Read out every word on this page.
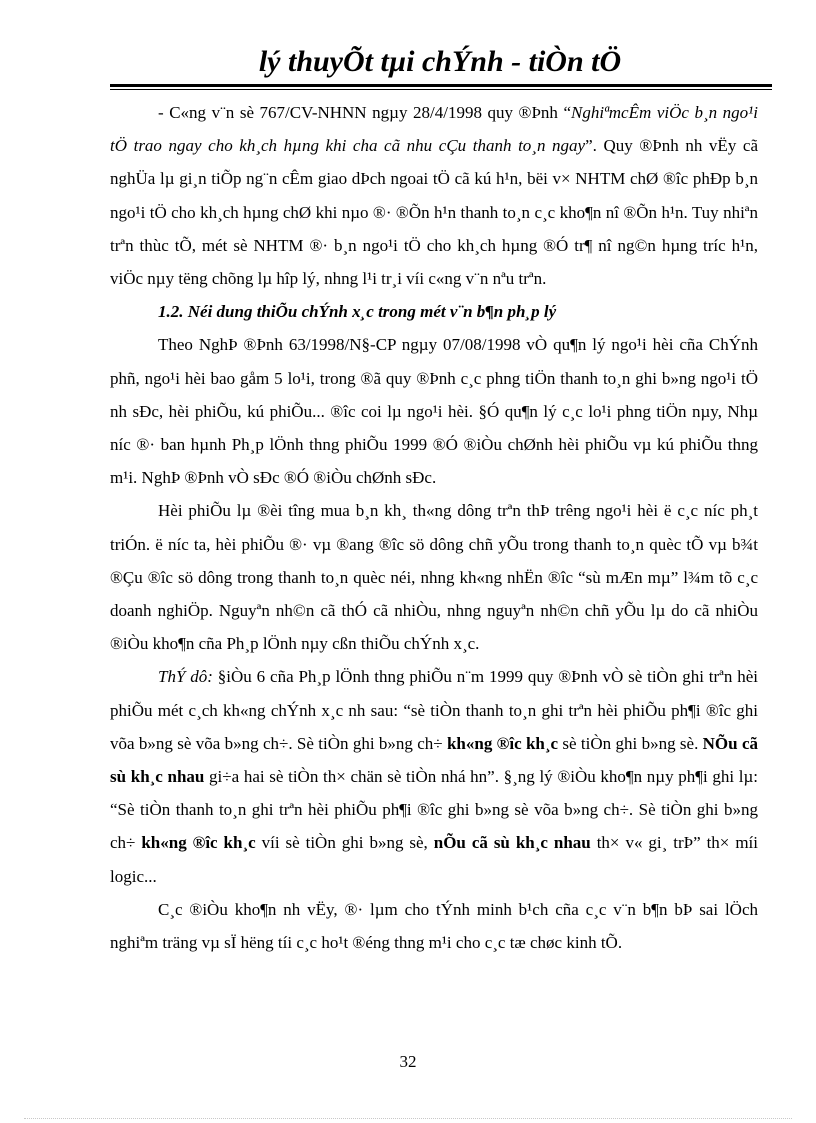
lý thuyÕt tµi chÝnh - tiÒn tÖ

- C«ng v¨n sè 767/CV-NHNN ngµy 28/4/1998 quy ®Þnh “NghiªmcÊm viÖc b¸n ngo¹i tÖ trao ngay cho kh¸ch hµng khi cha cã nhu cÇu thanh to¸n ngay”. Quy ®Þnh nh vËy cã nghÜa lµ gi¸n tiÕp ng¨n cÊm giao dÞch ngoai tÖ cã kú h¹n, bëi v× NHTM chØ ®îc phÐp b¸n ngo¹i tÖ cho kh¸ch hµng chØ khi nµo ®· ®Õn h¹n thanh to¸n c¸c kho¶n nî ®Õn h¹n. Tuy nhiªn trªn thùc tÕ, mét sè NHTM ®· b¸n ngo¹i tÖ cho kh¸ch hµng ®Ó tr¶ nî ng©n hµng tríc h¹n, viÖc nµy tëng chõng lµ hîp lý, nhng l¹i tr¸i víi c«ng v¨n nªu trªn.

1.2. Néi dung thiÕu chÝnh x¸c trong mét v¨n b¶n ph¸p lý

Theo NghÞ ®Þnh 63/1998/N§-CP ngµy 07/08/1998 vÒ qu¶n lý ngo¹i hèi cña ChÝnh phñ, ngo¹i hèi bao gåm 5 lo¹i, trong ®ã quy ®Þnh c¸c phng tiÖn thanh to¸n ghi b»ng ngo¹i tÖ nh sÐc, hèi phiÕu, kú phiÕu... ®îc coi lµ ngo¹i hèi. §Ó qu¶n lý c¸c lo¹i phng tiÖn nµy, Nhµ níc ®· ban hµnh Ph¸p lÖnh thng phiÕu 1999 ®Ó ®iÒu chØnh hèi phiÕu vµ kú phiÕu thng m¹i. NghÞ ®Þnh vÒ sÐc ®Ó ®iÒu chØnh sÐc.

Hèi phiÕu lµ ®èi tîng mua b¸n kh¸ th«ng dông trªn thÞ trêng ngo¹i hèi ë c¸c níc ph¸t triÓn. ë níc ta, hèi phiÕu ®· vµ ®ang ®îc sö dông chñ yÕu trong thanh to¸n quèc tÕ vµ b¾t ®Çu ®îc sö dông trong thanh to¸n quèc néi, nhng kh«ng nhËn ®îc “sù mÆn mµ” l¾m tõ c¸c doanh nghiÖp. Nguyªn nh©n cã thÓ cã nhiÒu, nhng nguyªn nh©n chñ yÕu lµ do cã nhiÒu ®iÒu kho¶n cña Ph¸p lÖnh nµy cßn thiÕu chÝnh x¸c.

ThÝ dô: §iÒu 6 cña Ph¸p lÖnh thng phiÕu n¨m 1999 quy ®Þnh vÒ sè tiÒn ghi trªn hèi phiÕu mét c¸ch kh«ng chÝnh x¸c nh sau: “sè tiÒn thanh to¸n ghi trªn hèi phiÕu ph¶i ®îc ghi võa b»ng sè võa b»ng ch÷. Sè tiÒn ghi b»ng ch÷ kh«ng ®îc kh¸c sè tiÒn ghi b»ng sè. NÕu cã sù kh¸c nhau gi÷a hai sè tiÒn th× chän sè tiÒn nhá hn”. §¸ng lý ®iÒu kho¶n nµy ph¶i ghi lµ: “Sè tiÒn thanh to¸n ghi trªn hèi phiÕu ph¶i ®îc ghi b»ng sè võa b»ng ch÷. Sè tiÒn ghi b»ng ch÷ kh«ng ®îc kh¸c víi sè tiÒn ghi b»ng sè, nÕu cã sù kh¸c nhau th× v« gi¸ trÞ” th× míi logic...

C¸c ®iÒu kho¶n nh vËy, ®· lµm cho tÝnh minh b¹ch cña c¸c v¨n b¶n bÞ sai lÖch nghiªm träng vµ sÏ hëng tíi c¸c ho¹t ®éng thng m¹i cho c¸c tæ chøc kinh tÕ.

32
